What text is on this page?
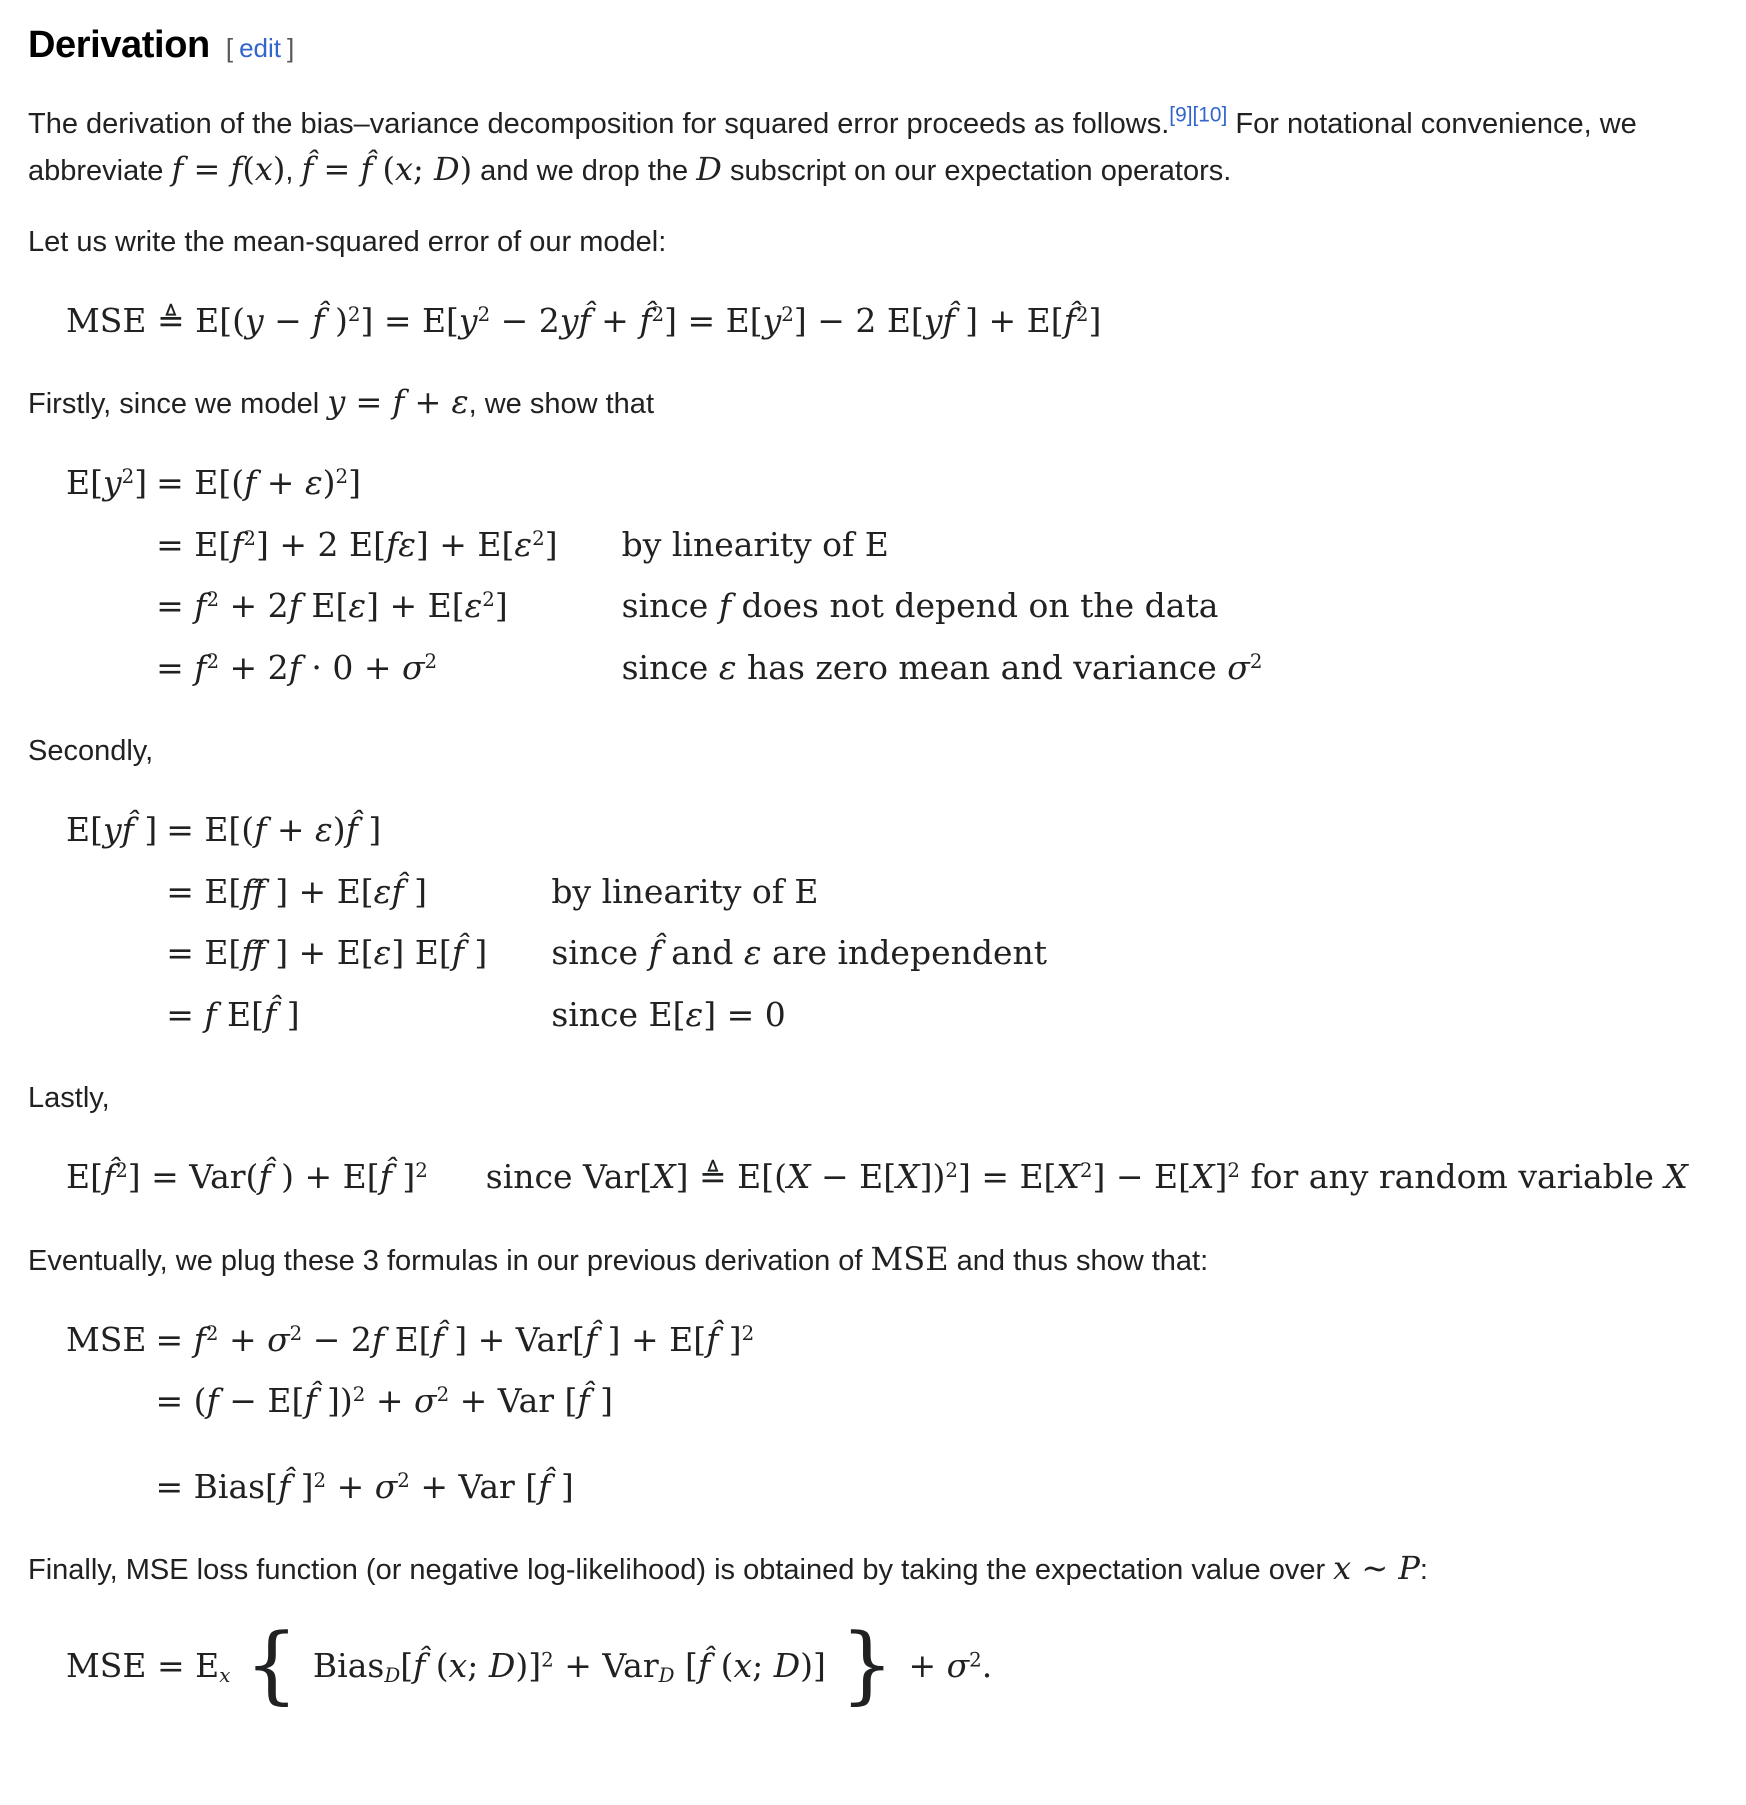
Derivation [ edit ]

The derivation of the bias–variance decomposition for squared error proceeds as follows.[9][10] For notational convenience, we abbreviate f = f(x), f̂ = f̂ (x; D) and we drop the D subscript on our expectation operators.

Let us write the mean-squared error of our model:

MSE ≜ E[(y − f̂ )$^2] = E[y^2$ − 2yf̂ + f̂$^2$] = $E[y^2] - 2$ E[yf̂ ] + E[f̂$^2$]

Firstly, since we model y = f + ε, we show that

$E[y^2] = E[(f + \varepsilon)^2]$
= $E[f^2] + 2$ $E[f\varepsilon] + E[\varepsilon^2]$	by linearity of E
= $f^2 + 2f$ $E[\varepsilon] + E[\varepsilon^2]$	since f does not depend on the data
= $f^2 + 2f \cdot 0 + \sigma^2$	since ε has zero mean and variance $\sigma^2$

Secondly,

E[yf̂ ] = E[(f + ε)f̂ ]
= E[ff̂ ] + E[εf̂ ]	by linearity of E
= E[ff̂ ] + E[ε] E[f̂ ]	since f̂ and ε are independent
= f E[f̂ ]	since E[ε] = 0

Lastly,

E[f̂$^2$] = Var(f̂ ) + E[f̂ ]$^2$ since Var[X] ≜ $E[(X - E[X])^2] = E[X^2] - E[X]^2$ for any random variable X

Eventually, we plug these 3 formulas in our previous derivation of MSE and thus show that:

MSE = $f^2 + \sigma^2 - 2f$ E[f̂ ] + Var[f̂ ] + E[f̂ ]$^2$
= (f − E[f̂ ])$^2 + \sigma^2$ + Var [f̂ ]
= Bias[f̂ ]$^2 + \sigma^2$ + Var [f̂ ]

Finally, MSE loss function (or negative log-likelihood) is obtained by taking the expectation value over x ∼ P:

MSE = $E_x$ { Bias$_D$[f̂ (x; D)]$^2$ + Var$_D$ [f̂ (x; D)] } + $\sigma^2$.
